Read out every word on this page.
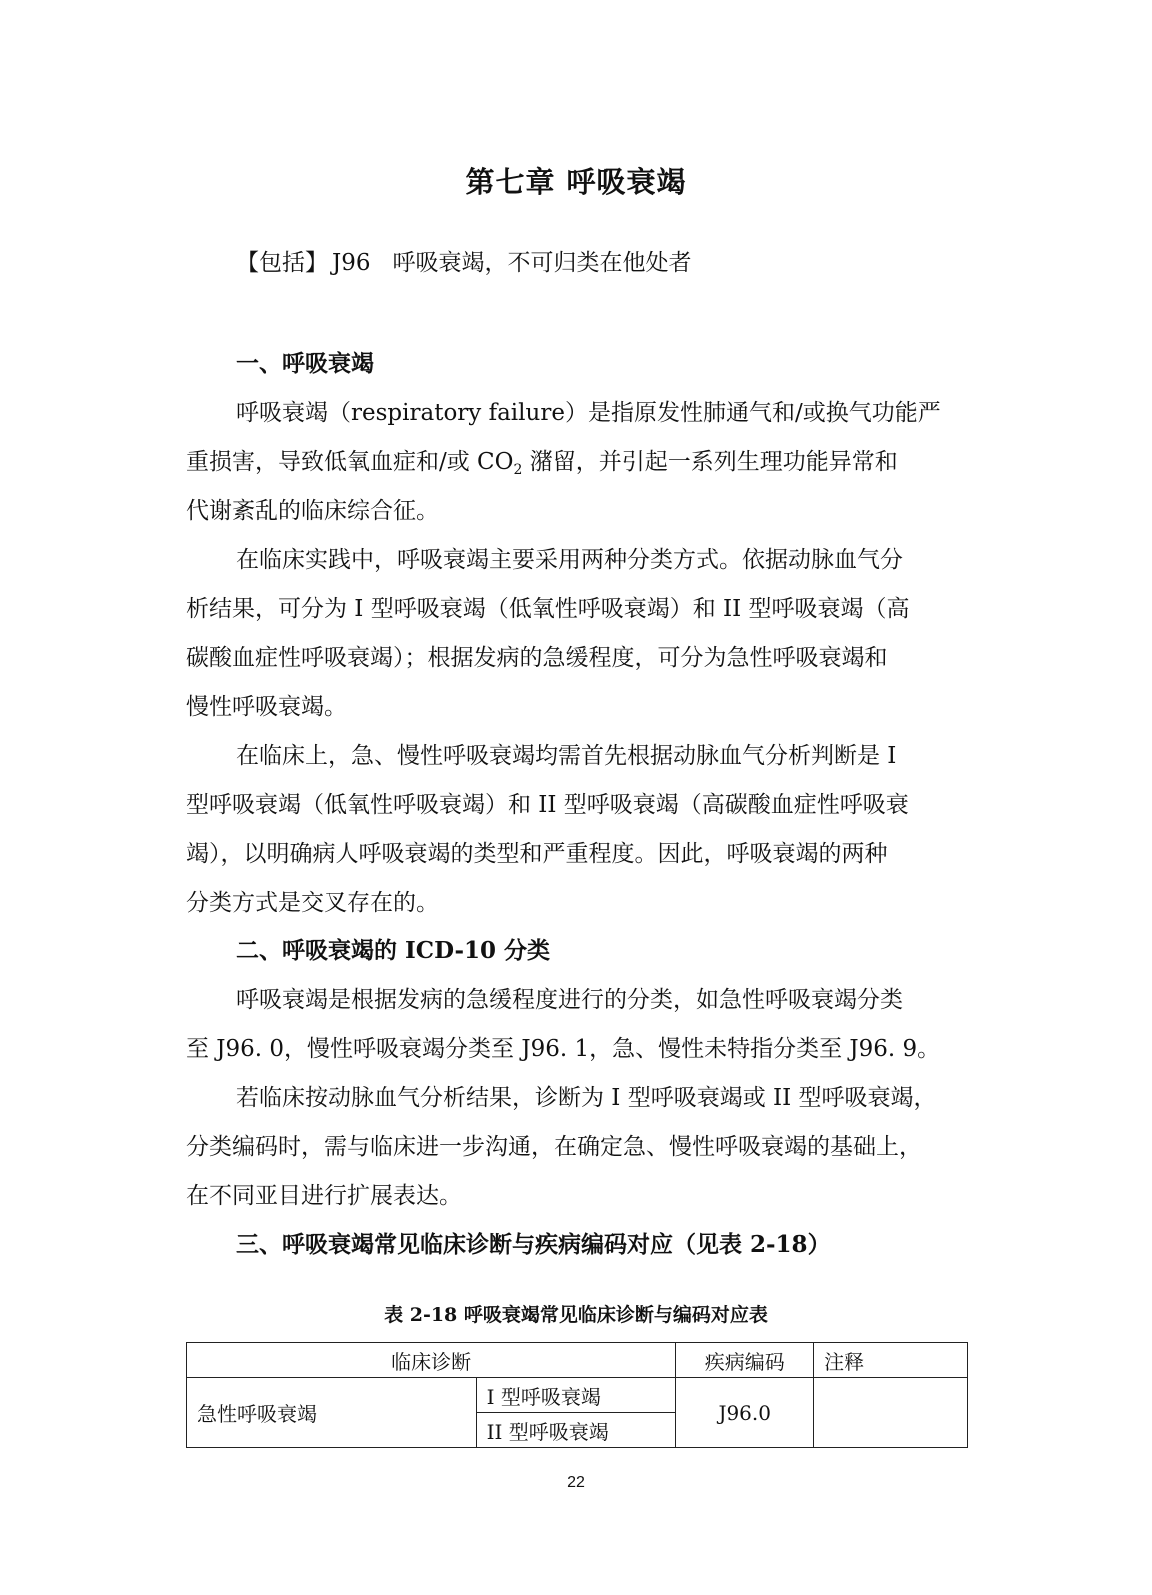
第七章 呼吸衰竭
【包括】 J96 呼吸衰竭，不可归类在他处者
一、呼吸衰竭
呼吸衰竭（respiratory failure）是指原发性肺通气和/或换气功能严
重损害，导致低氧血症和/或 $CO_2$ 潴留，并引起一系列生理功能异常和
代谢紊乱的临床综合征。
在临床实践中，呼吸衰竭主要采用两种分类方式。依据动脉血气分
析结果，可分为 I 型呼吸衰竭（低氧性呼吸衰竭）和 II 型呼吸衰竭（高
碳酸血症性呼吸衰竭）；根据发病的急缓程度，可分为急性呼吸衰竭和
慢性呼吸衰竭。
在临床上，急、慢性呼吸衰竭均需首先根据动脉血气分析判断是 I
型呼吸衰竭（低氧性呼吸衰竭）和 II 型呼吸衰竭（高碳酸血症性呼吸衰
竭），以明确病人呼吸衰竭的类型和严重程度。因此，呼吸衰竭的两种
分类方式是交叉存在的。
二、呼吸衰竭的 ICD-10 分类
呼吸衰竭是根据发病的急缓程度进行的分类，如急性呼吸衰竭分类
至 J96. 0，慢性呼吸衰竭分类至 J96. 1，急、慢性未特指分类至 J96. 9。
若临床按动脉血气分析结果，诊断为 I 型呼吸衰竭或 II 型呼吸衰竭，
分类编码时，需与临床进一步沟通，在确定急、慢性呼吸衰竭的基础上，
在不同亚目进行扩展表达。
三、呼吸衰竭常见临床诊断与疾病编码对应（见表 2-18）
表 2-18 呼吸衰竭常见临床诊断与编码对应表
临床诊断		疾病编码	注释
急性呼吸衰竭	I 型呼吸衰竭	J96.0	
	II 型呼吸衰竭		
22
